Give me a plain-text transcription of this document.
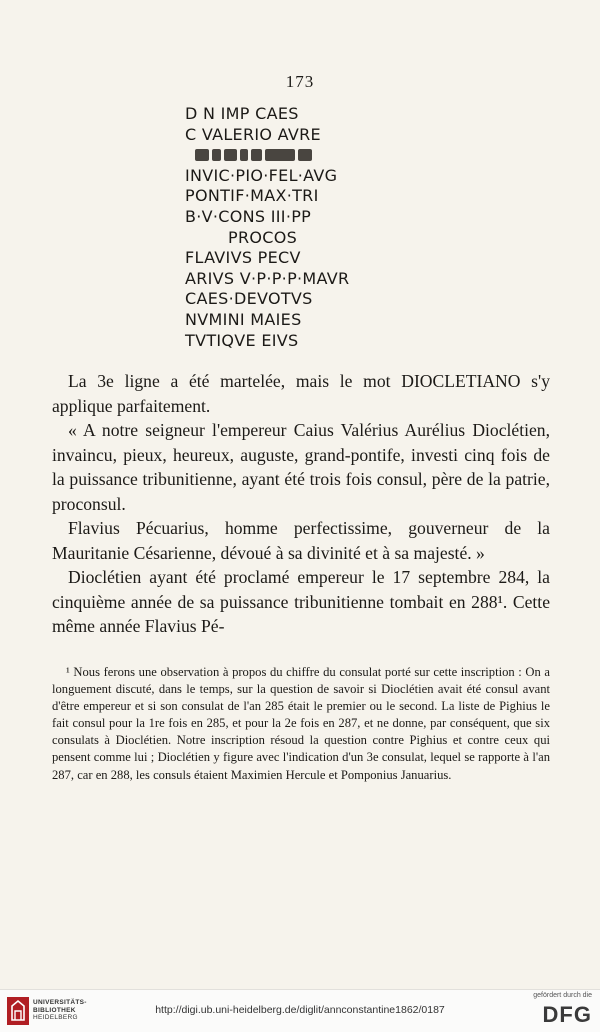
173
D N IMP CAES
C VALERIO AVRE
INVIC·PIO·FEL·AVG
PONTIF·MAX·TRI
B·V·CONS III·PP
PROCOS
FLAVIVS PECV
ARIVS V·P·P·P·MAVR
CAES·DEVOTVS
NVMINI MAIES
TVTIQVE EIVS

La 3e ligne a été martelée, mais le mot DIOCLETIANO s'y applique parfaitement.

« A notre seigneur l'empereur Caius Valérius Aurélius Dioclétien, invaincu, pieux, heureux, auguste, grand-pontife, investi cinq fois de la puissance tribunitienne, ayant été trois fois consul, père de la patrie, proconsul.

Flavius Pécuarius, homme perfectissime, gouverneur de la Mauritanie Césarienne, dévoué à sa divinité et à sa majesté. »

Dioclétien ayant été proclamé empereur le 17 septembre 284, la cinquième année de sa puissance tribunitienne tombait en 288¹. Cette même année Flavius Pé-

¹ Nous ferons une observation à propos du chiffre du consulat porté sur cette inscription : On a longuement discuté, dans le temps, sur la question de savoir si Dioclétien avait été consul avant d'être empereur et si son consulat de l'an 285 était le premier ou le second. La liste de Pighius le fait consul pour la 1re fois en 285, et pour la 2e fois en 287, et ne donne, par conséquent, que six consulats à Dioclétien. Notre inscription résoud la question contre Pighius et contre ceux qui pensent comme lui ; Dioclétien y figure avec l'indication d'un 3e consulat, lequel se rapporte à l'an 287, car en 288, les consuls étaient Maximien Hercule et Pomponius Januarius.
UNIVERSITÄTS-
BIBLIOTHEK
HEIDELBERG
http://digi.ub.uni-heidelberg.de/diglit/annconstantine1862/0187
gefördert durch die
DFG
